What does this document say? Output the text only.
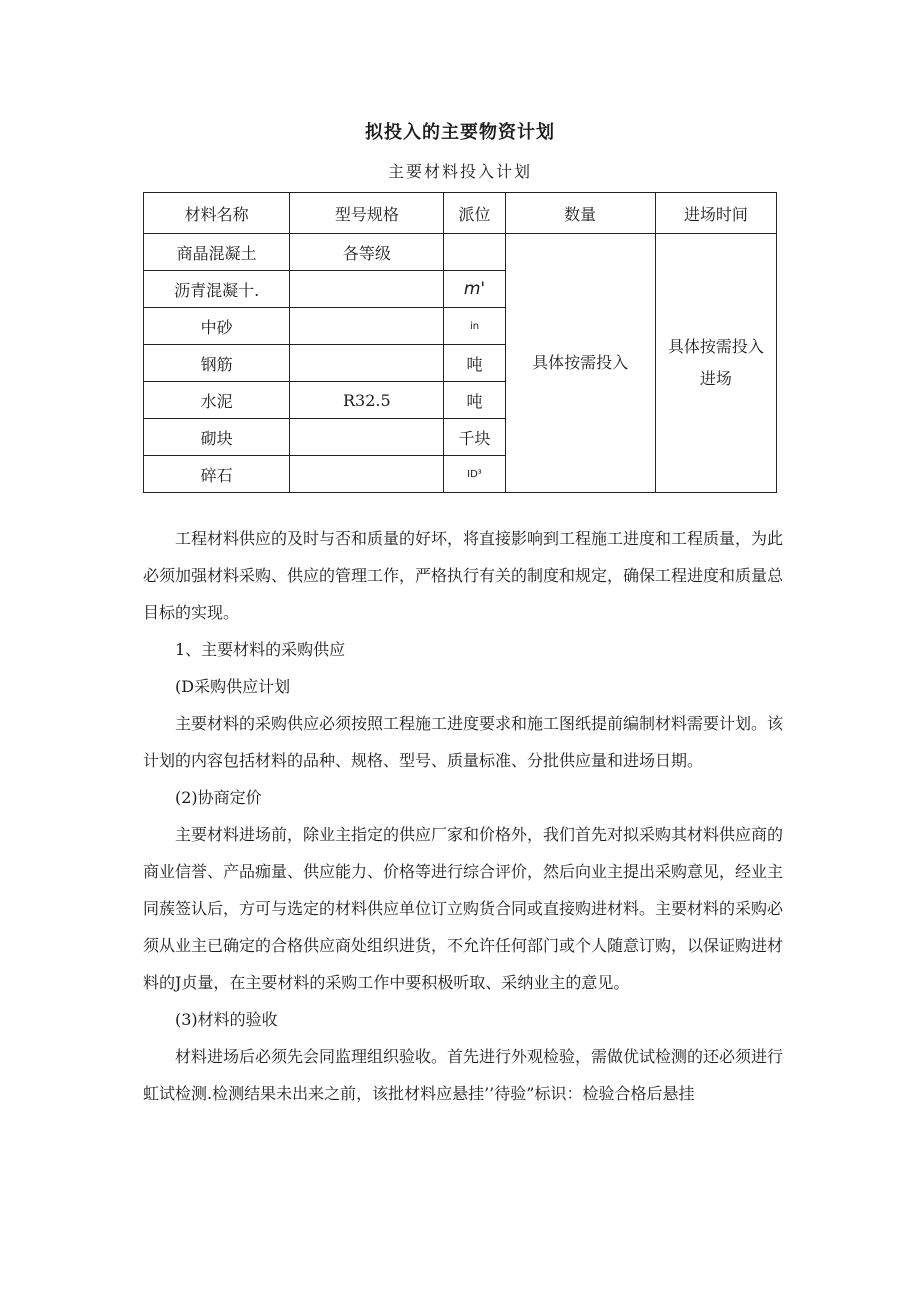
拟投入的主要物资计划
主要材料投入计划
材料名称	型号规格	派位	数量	进场时间
商晶混凝土	各等级		具体按需投入	具体按需投入进场

沥青混凝十.		m'		
中砂		in		
钢筋		吨		
水泥	R32.5	吨		
砌块		千块		
碎石		ID³		

工程材料供应的及时与否和质量的好坏，将直接影响到工程施工进度和工程质量，为此必须加强材料采购、供应的管理工作，严格执行有关的制度和规定，确保工程进度和质量总目标的实现。

1、主要材料的采购供应

(D采购供应计划

主要材料的采购供应必须按照工程施工进度要求和施工图纸提前编制材料需要计划。该计划的内容包括材料的品种、规格、型号、质量标准、分批供应量和进场日期。

(2)协商定价

主要材料进场前，除业主指定的供应厂家和价格外，我们首先对拟采购其材料供应商的商业信誉、产品痂量、供应能力、价格等进行综合评价，然后向业主提出采购意见，经业主同蔟签认后，方可与选定的材料供应单位订立购货合同或直接购进材料。主要材料的采购必须从业主已确定的合格供应商处组织进货，不允许任何部门或个人随意订购，以保证购进材料的J贞量，在主要材料的采购工作中要积极听取、采纳业主的意见。

(3)材料的验收

材料进场后必须先会同监理组织验收。首先进行外观检验，需做优试检测的还必须进行虹试检测.检测结果未出来之前，该批材料应悬挂’’待验”标识：检验合格后悬挂
